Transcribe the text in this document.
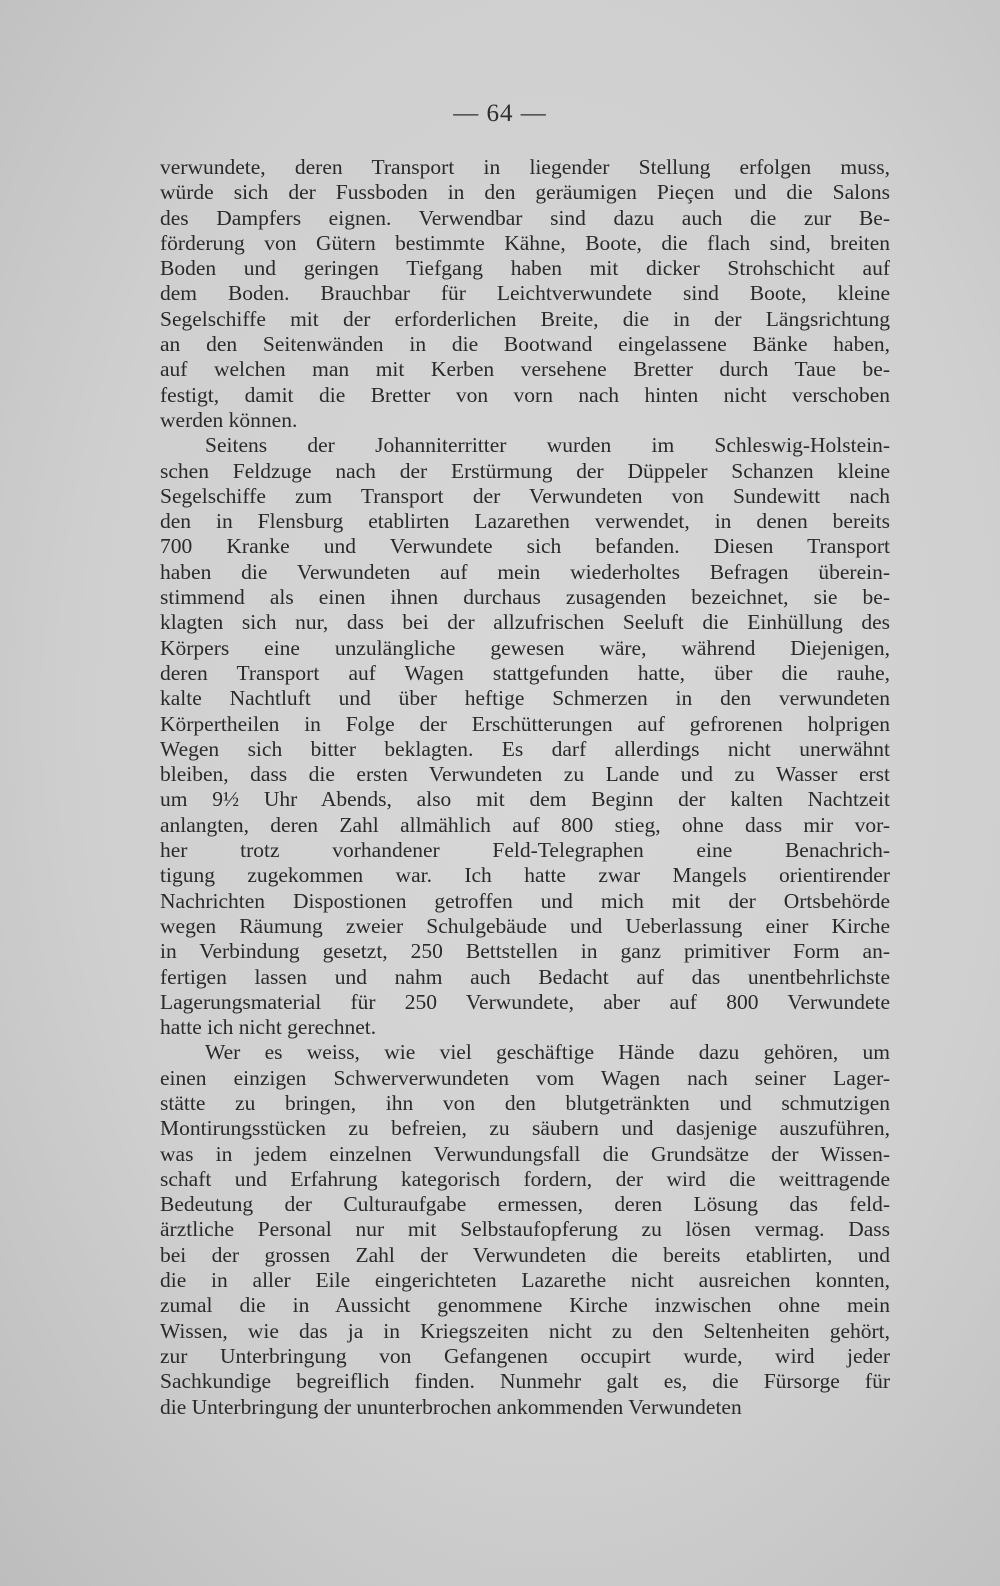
— 64 —
verwundete, deren Transport in liegender Stellung erfolgen muss,
würde sich der Fussboden in den geräumigen Pieçen und die Salons
des Dampfers eignen. Verwendbar sind dazu auch die zur Be-
förderung von Gütern bestimmte Kähne, Boote, die flach sind, breiten
Boden und geringen Tiefgang haben mit dicker Strohschicht auf
dem Boden. Brauchbar für Leichtverwundete sind Boote, kleine
Segelschiffe mit der erforderlichen Breite, die in der Längsrichtung
an den Seitenwänden in die Bootwand eingelassene Bänke haben,
auf welchen man mit Kerben versehene Bretter durch Taue be-
festigt, damit die Bretter von vorn nach hinten nicht verschoben
werden können.
Seitens der Johanniterritter wurden im Schleswig-Holstein-
schen Feldzuge nach der Erstürmung der Düppeler Schanzen kleine
Segelschiffe zum Transport der Verwundeten von Sundewitt nach
den in Flensburg etablirten Lazarethen verwendet, in denen bereits
700 Kranke und Verwundete sich befanden. Diesen Transport
haben die Verwundeten auf mein wiederholtes Befragen überein-
stimmend als einen ihnen durchaus zusagenden bezeichnet, sie be-
klagten sich nur, dass bei der allzufrischen Seeluft die Einhüllung des
Körpers eine unzulängliche gewesen wäre, während Diejenigen,
deren Transport auf Wagen stattgefunden hatte, über die rauhe,
kalte Nachtluft und über heftige Schmerzen in den verwundeten
Körpertheilen in Folge der Erschütterungen auf gefrorenen holprigen
Wegen sich bitter beklagten. Es darf allerdings nicht unerwähnt
bleiben, dass die ersten Verwundeten zu Lande und zu Wasser erst
um 9½ Uhr Abends, also mit dem Beginn der kalten Nachtzeit
anlangten, deren Zahl allmählich auf 800 stieg, ohne dass mir vor-
her trotz vorhandener Feld-Telegraphen eine Benachrich-
tigung zugekommen war. Ich hatte zwar Mangels orientirender
Nachrichten Dispostionen getroffen und mich mit der Ortsbehörde
wegen Räumung zweier Schulgebäude und Ueberlassung einer Kirche
in Verbindung gesetzt, 250 Bettstellen in ganz primitiver Form an-
fertigen lassen und nahm auch Bedacht auf das unentbehrlichste
Lagerungsmaterial für 250 Verwundete, aber auf 800 Verwundete
hatte ich nicht gerechnet.
Wer es weiss, wie viel geschäftige Hände dazu gehören, um
einen einzigen Schwerverwundeten vom Wagen nach seiner Lager-
stätte zu bringen, ihn von den blutgetränkten und schmutzigen
Montirungsstücken zu befreien, zu säubern und dasjenige auszuführen,
was in jedem einzelnen Verwundungsfall die Grundsätze der Wissen-
schaft und Erfahrung kategorisch fordern, der wird die weittragende
Bedeutung der Culturaufgabe ermessen, deren Lösung das feld-
ärztliche Personal nur mit Selbstaufopferung zu lösen vermag. Dass
bei der grossen Zahl der Verwundeten die bereits etablirten, und
die in aller Eile eingerichteten Lazarethe nicht ausreichen konnten,
zumal die in Aussicht genommene Kirche inzwischen ohne mein
Wissen, wie das ja in Kriegszeiten nicht zu den Seltenheiten gehört,
zur Unterbringung von Gefangenen occupirt wurde, wird jeder
Sachkundige begreiflich finden. Nunmehr galt es, die Fürsorge für
die Unterbringung der ununterbrochen ankommenden Verwundeten
